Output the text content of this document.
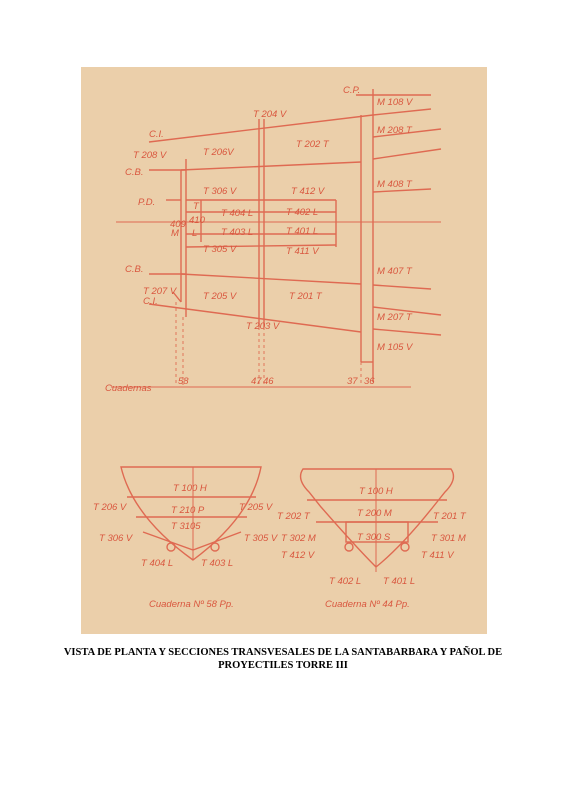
C.P.
M 108 V
T 204 V
C.I.	M 208 T
T 208 V	T 206V
T 202 T
C.B.
T 306 V	T 412 V
M 408 T
P.D.	T
410
T 404 L	T 402 L
409
M L T 403 L	T 401 L
T 305 V	T 411 V
C.B.	M 407 T
T 207 V
C.I.	T 205 V	T 201 T
T 203 V
M 207 T
M 105 V
Cuadernas
58	47 46	37 36
T 100 H
T 206 V	T 210 P	T 205 V
T 3105
T 306 V	T 305 V
T 404 L	T 403 L
Cuaderna Nº 58 Pp.
T 100 H
T 202 T	T 200 M	T 201 T
T 302 M	T 300 S	T 301 M
T 412 V	T 411 V
T 402 L T 401 L
Cuaderna Nº 44 Pp.
VISTA DE PLANTA Y SECCIONES TRANSVESALES DE LA SANTABARBARA Y PAÑOL DE PROYECTILES TORRE III
